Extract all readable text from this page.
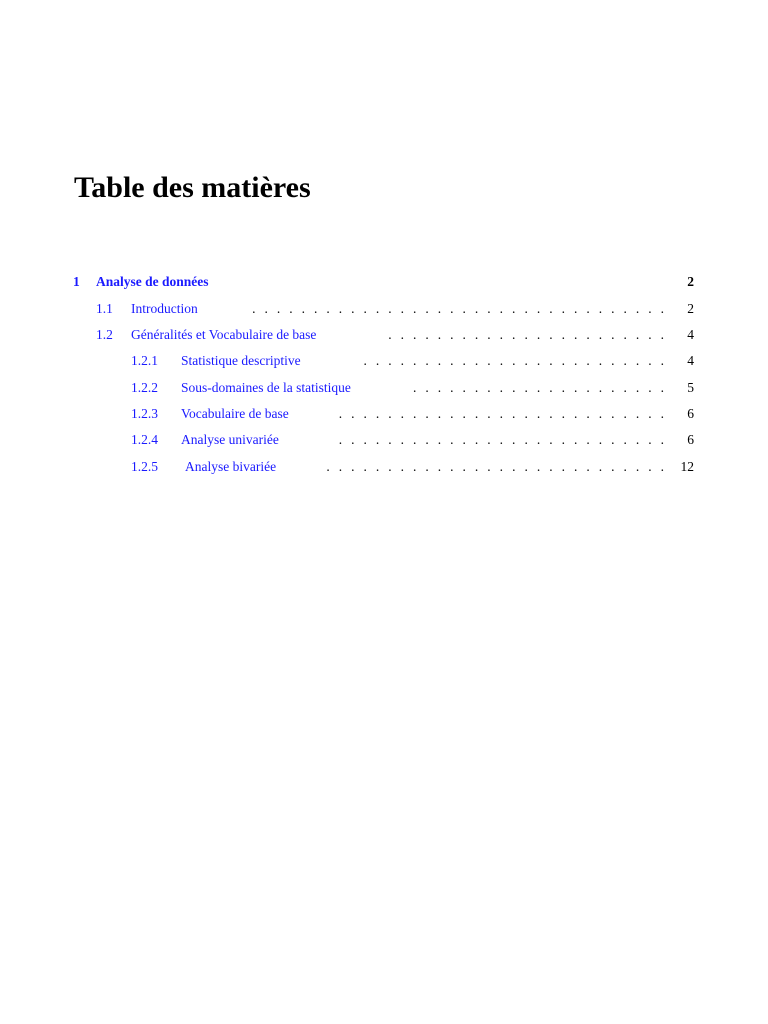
Table des matières
1 Analyse de données	2
1.1 Introduction	.  .  .  .  .  .  .  .  .  .  .  .  .  .  .  .  .  .  .  .  .  .  .  .  .  .  .  .  .  .  .  .  .  . 2
1.2 Généralités et Vocabulaire de base	.  .  .  .  .  .  .  .  .  .  .  .  .  .  .  .  .  .  .  .  .  .  . 4
1.2.1 Statistique descriptive	.  .  .  .  .  .  .  .  .  .  .  .  .  .  .  .  .  .  .  .  .  .  .  .  . 4
1.2.2 Sous-domaines de la statistique	.  .  .  .  .  .  .  .  .  .  .  .  .  .  .  .  .  .  .  .  . 5
1.2.3 Vocabulaire de base	.  .  .  .  .  .  .  .  .  .  .  .  .  .  .  .  .  .  .  .  .  .  .  .  .  .  . 6
1.2.4 Analyse univariée	.  .  .  .  .  .  .  .  .  .  .  .  .  .  .  .  .  .  .  .  .  .  .  .  .  .  . 6
1.2.5 Analyse bivariée	.  .  .  .  .  .  .  .  .  .  .  .  .  .  .  .  .  .  .  .  .  .  .  .  .  .  .  . 12
